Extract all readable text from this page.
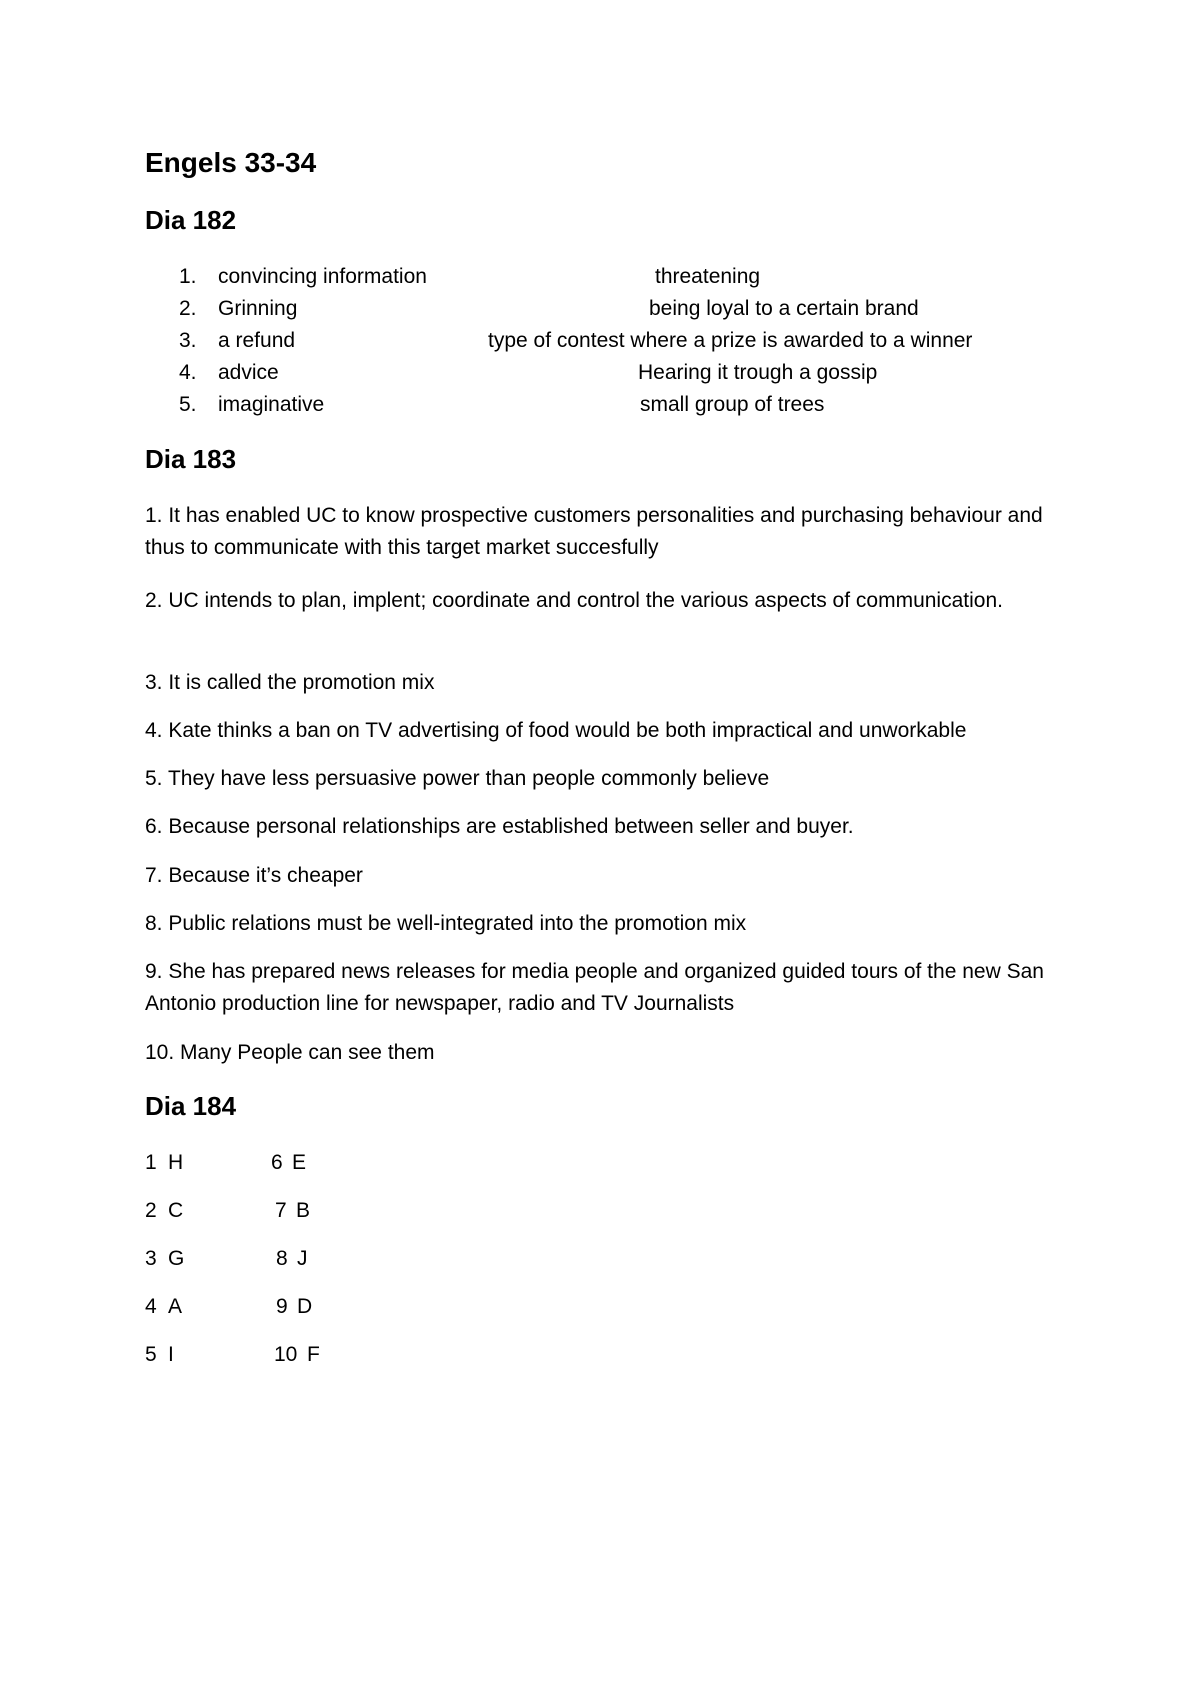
Engels 33-34
Dia 182
1. convincing information	threatening
2. Grinning	being loyal to a certain brand
3. a refund	type of contest where a prize is awarded to a winner
4. advice	Hearing it trough a gossip
5. imaginative	small group of trees
Dia 183
1. It has enabled UC to know prospective customers personalities and purchasing behaviour and thus to communicate with this target market succesfully
2. UC intends to plan, implent; coordinate and control the various aspects of communication.
3. It is called the promotion mix
4. Kate thinks a ban on TV advertising of food would be both impractical and unworkable
5. They have less persuasive power than people commonly believe
6. Because personal relationships are established between seller and buyer.
7. Because it’s cheaper
8. Public relations must be well-integrated into the promotion mix
9. She has prepared news releases for media people and organized guided tours of the new San Antonio production line for newspaper, radio and TV Journalists
10. Many People can see them
Dia 184
1 H	6 E
2 C	7 B
3 G	8 J
4 A	9 D
5 I	10 F
